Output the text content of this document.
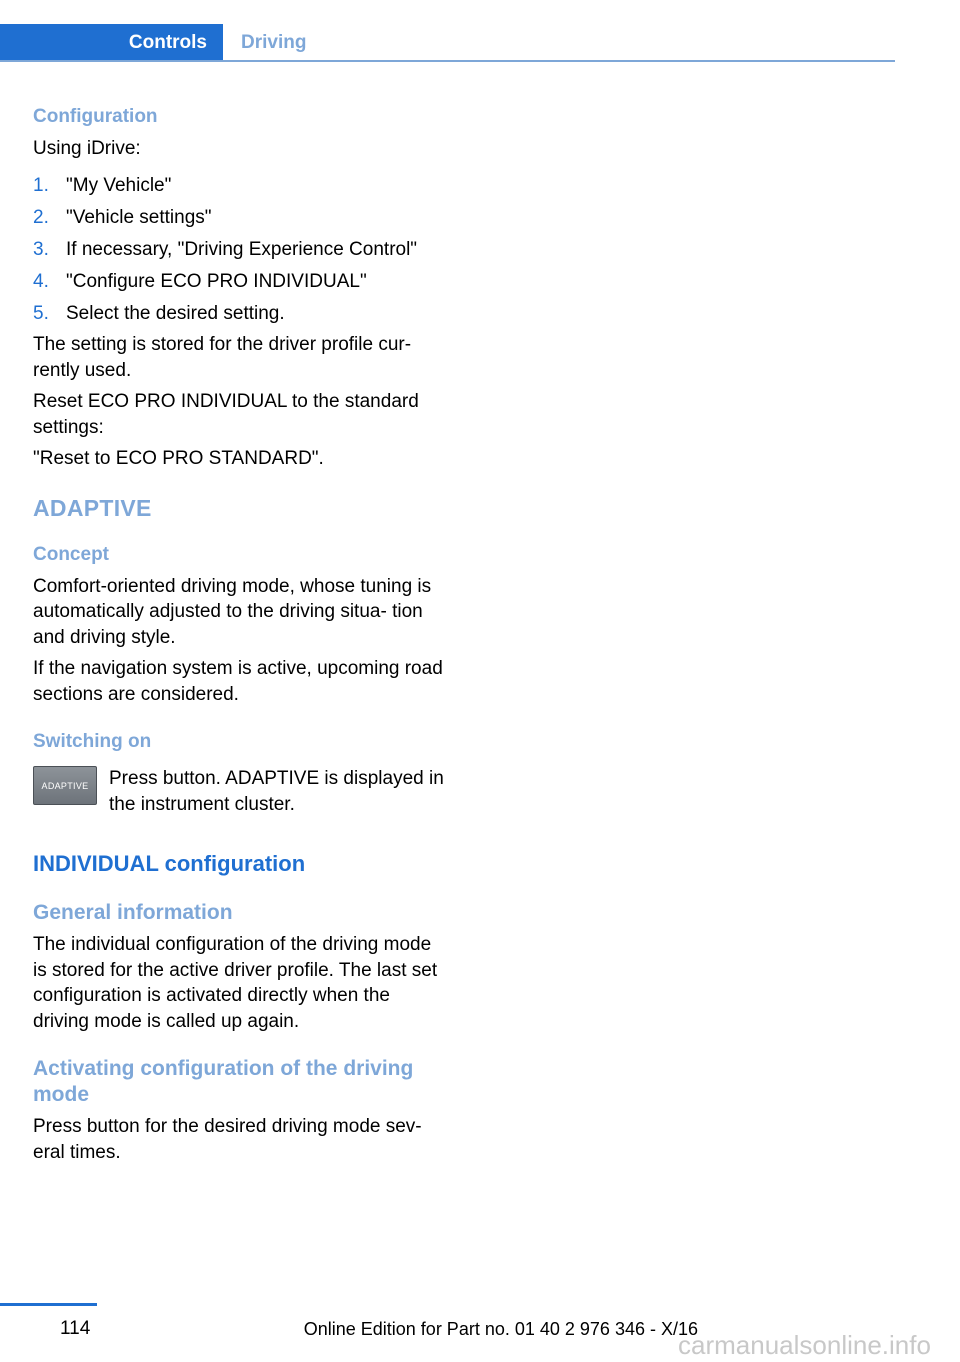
Controls	Driving
Configuration

Using iDrive:

1. "My Vehicle"
2. "Vehicle settings"
3. If necessary, "Driving Experience Control"
4. "Configure ECO PRO INDIVIDUAL"
5. Select the desired setting.

The setting is stored for the driver profile cur‐ rently used.

Reset ECO PRO INDIVIDUAL to the standard settings:

"Reset to ECO PRO STANDARD".

ADAPTIVE
Concept

Comfort-oriented driving mode, whose tuning is automatically adjusted to the driving situa‐ tion and driving style.

If the navigation system is active, upcoming road sections are considered.

Switching on
ADAPTIVE	Press button. ADAPTIVE is displayed in the instrument cluster.

INDIVIDUAL configuration
General information

The individual configuration of the driving mode is stored for the active driver profile. The last set configuration is activated directly when the driving mode is called up again.

Activating configuration of the driving mode

Press button for the desired driving mode sev‐ eral times.

114	Online Edition for Part no. 01 40 2 976 346 - X/16
carmanualsonline.info
